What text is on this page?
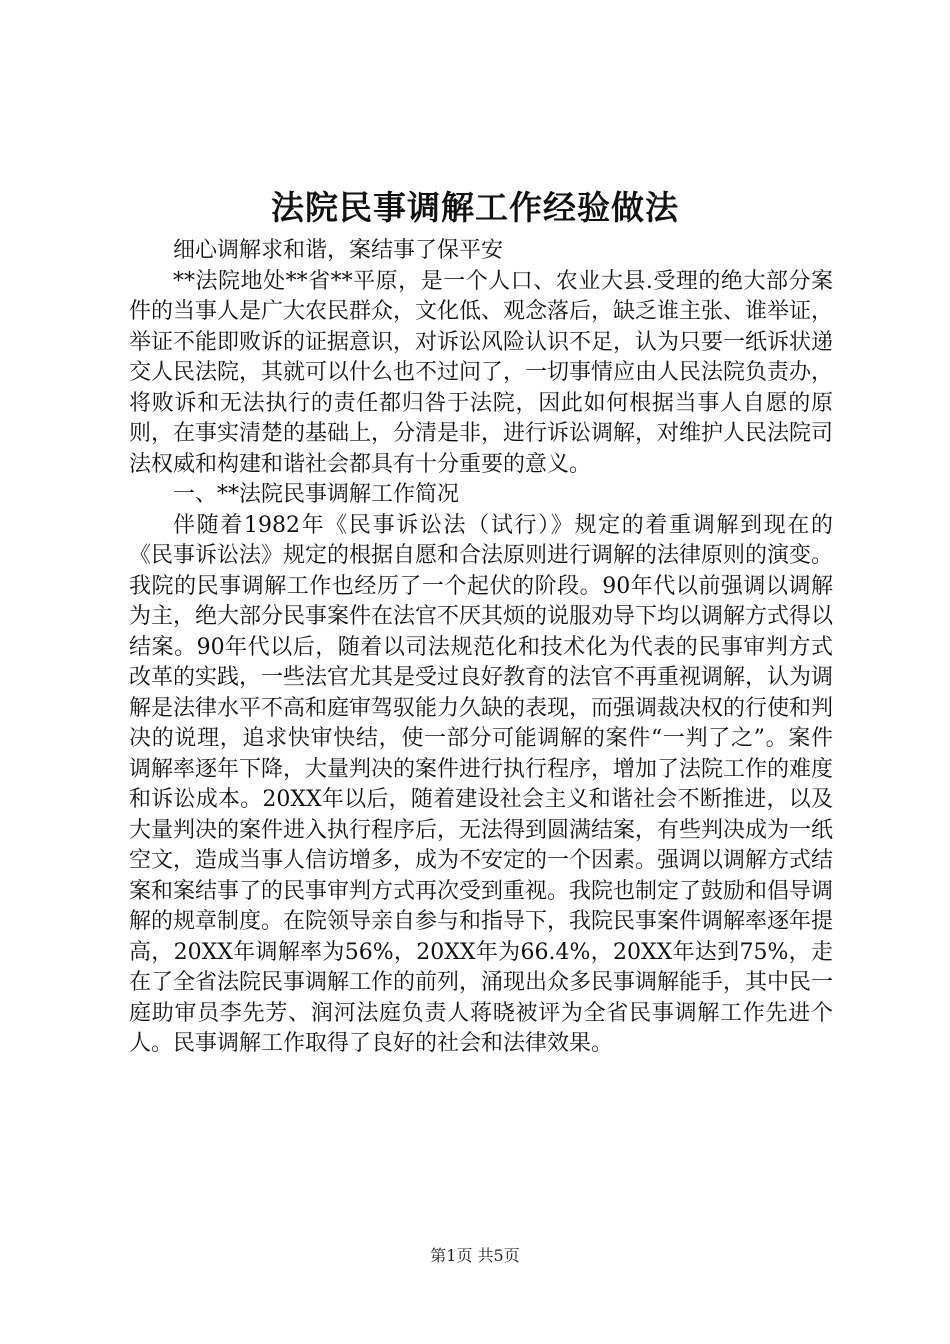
法院民事调解工作经验做法

细心调解求和谐，案结事了保平安

**法院地处**省**平原，是一个人口、农业大县.受理的绝大部分案件的当事人是广大农民群众，文化低、观念落后，缺乏谁主张、谁举证，举证不能即败诉的证据意识，对诉讼风险认识不足，认为只要一纸诉状递交人民法院，其就可以什么也不过问了，一切事情应由人民法院负责办，将败诉和无法执行的责任都归咎于法院，因此如何根据当事人自愿的原则，在事实清楚的基础上，分清是非，进行诉讼调解，对维护人民法院司法权威和构建和谐社会都具有十分重要的意义。

一、**法院民事调解工作简况

伴随着1982年《民事诉讼法（试行）》规定的着重调解到现在的《民事诉讼法》规定的根据自愿和合法原则进行调解的法律原则的演变。我院的民事调解工作也经历了一个起伏的阶段。90年代以前强调以调解为主，绝大部分民事案件在法官不厌其烦的说服劝导下均以调解方式得以结案。90年代以后，随着以司法规范化和技术化为代表的民事审判方式改革的实践，一些法官尤其是受过良好教育的法官不再重视调解，认为调解是法律水平不高和庭审驾驭能力久缺的表现，而强调裁决权的行使和判决的说理，追求快审快结，使一部分可能调解的案件“一判了之”。案件调解率逐年下降，大量判决的案件进行执行程序，增加了法院工作的难度和诉讼成本。20XX年以后，随着建设社会主义和谐社会不断推进，以及大量判决的案件进入执行程序后，无法得到圆满结案，有些判决成为一纸空文，造成当事人信访增多，成为不安定的一个因素。强调以调解方式结案和案结事了的民事审判方式再次受到重视。我院也制定了鼓励和倡导调解的规章制度。在院领导亲自参与和指导下，我院民事案件调解率逐年提高，20XX年调解率为56%，20XX年为66.4%，20XX年达到75%，走在了全省法院民事调解工作的前列，涌现出众多民事调解能手，其中民一庭助审员李先芳、润河法庭负责人蒋晓被评为全省民事调解工作先进个人。民事调解工作取得了良好的社会和法律效果。

第1页 共5页
